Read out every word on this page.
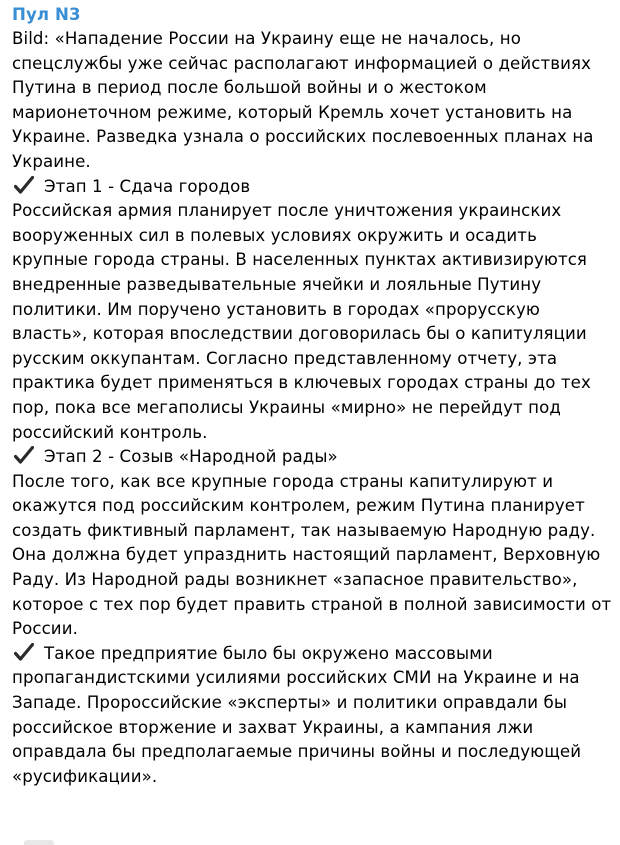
Пул N3

Bild: «Нападение России на Украину еще не началось, но спецслужбы уже сейчас располагают информацией о действиях Путина в период после большой войны и о жестоком марионеточном режиме, который Кремль хочет установить на Украине. Разведка узнала о российских послевоенных планах на Украине.

Этап 1 - Сдача городов

Российская армия планирует после уничтожения украинских вооруженных сил в полевых условиях окружить и осадить крупные города страны. В населенных пунктах активизируются внедренные разведывательные ячейки и лояльные Путину политики. Им поручено установить в городах «прорусскую власть», которая впоследствии договорилась бы о капитуляции русским оккупантам. Согласно представленному отчету, эта практика будет применяться в ключевых городах страны до тех пор, пока все мегаполисы Украины «мирно» не перейдут под российский контроль.

Этап 2 - Созыв «Народной рады»

После того, как все крупные города страны капитулируют и окажутся под российским контролем, режим Путина планирует создать фиктивный парламент, так называемую Народную раду. Она должна будет упразднить настоящий парламент, Верховную Раду. Из Народной рады возникнет «запасное правительство», которое с тех пор будет править страной в полной зависимости от России.

Такое предприятие было бы окружено массовыми пропагандистскими усилиями российских СМИ на Украине и на Западе. Пророссийские «эксперты» и политики оправдали бы российское вторжение и захват Украины, а кампания лжи оправдала бы предполагаемые причины войны и последующей «русификации».
